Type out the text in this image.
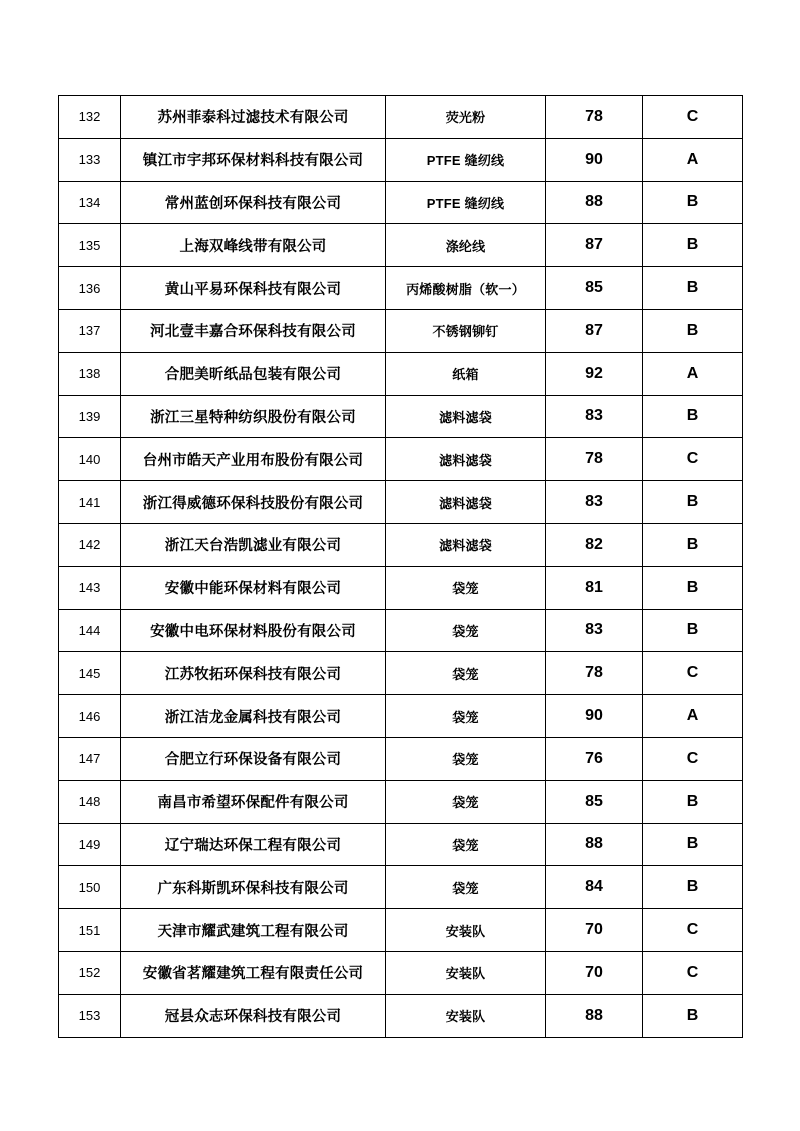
132	苏州菲泰科过滤技术有限公司	荧光粉	78	C
133	镇江市宇邦环保材料科技有限公司	PTFE 缝纫线	90	A
134	常州蓝创环保科技有限公司	PTFE 缝纫线	88	B
135	上海双峰线带有限公司	涤纶线	87	B
136	黄山平易环保科技有限公司	丙烯酸树脂（软一）	85	B
137	河北壹丰嘉合环保科技有限公司	不锈钢铆钉	87	B
138	合肥美昕纸品包装有限公司	纸箱	92	A
139	浙江三星特种纺织股份有限公司	滤料滤袋	83	B
140	台州市皓天产业用布股份有限公司	滤料滤袋	78	C
141	浙江得威德环保科技股份有限公司	滤料滤袋	83	B
142	浙江天台浩凯滤业有限公司	滤料滤袋	82	B
143	安徽中能环保材料有限公司	袋笼	81	B
144	安徽中电环保材料股份有限公司	袋笼	83	B
145	江苏牧拓环保科技有限公司	袋笼	78	C
146	浙江洁龙金属科技有限公司	袋笼	90	A
147	合肥立行环保设备有限公司	袋笼	76	C
148	南昌市希望环保配件有限公司	袋笼	85	B
149	辽宁瑞达环保工程有限公司	袋笼	88	B
150	广东科斯凯环保科技有限公司	袋笼	84	B
151	天津市耀武建筑工程有限公司	安装队	70	C
152	安徽省茗耀建筑工程有限责任公司	安装队	70	C
153	冠县众志环保科技有限公司	安装队	88	B
